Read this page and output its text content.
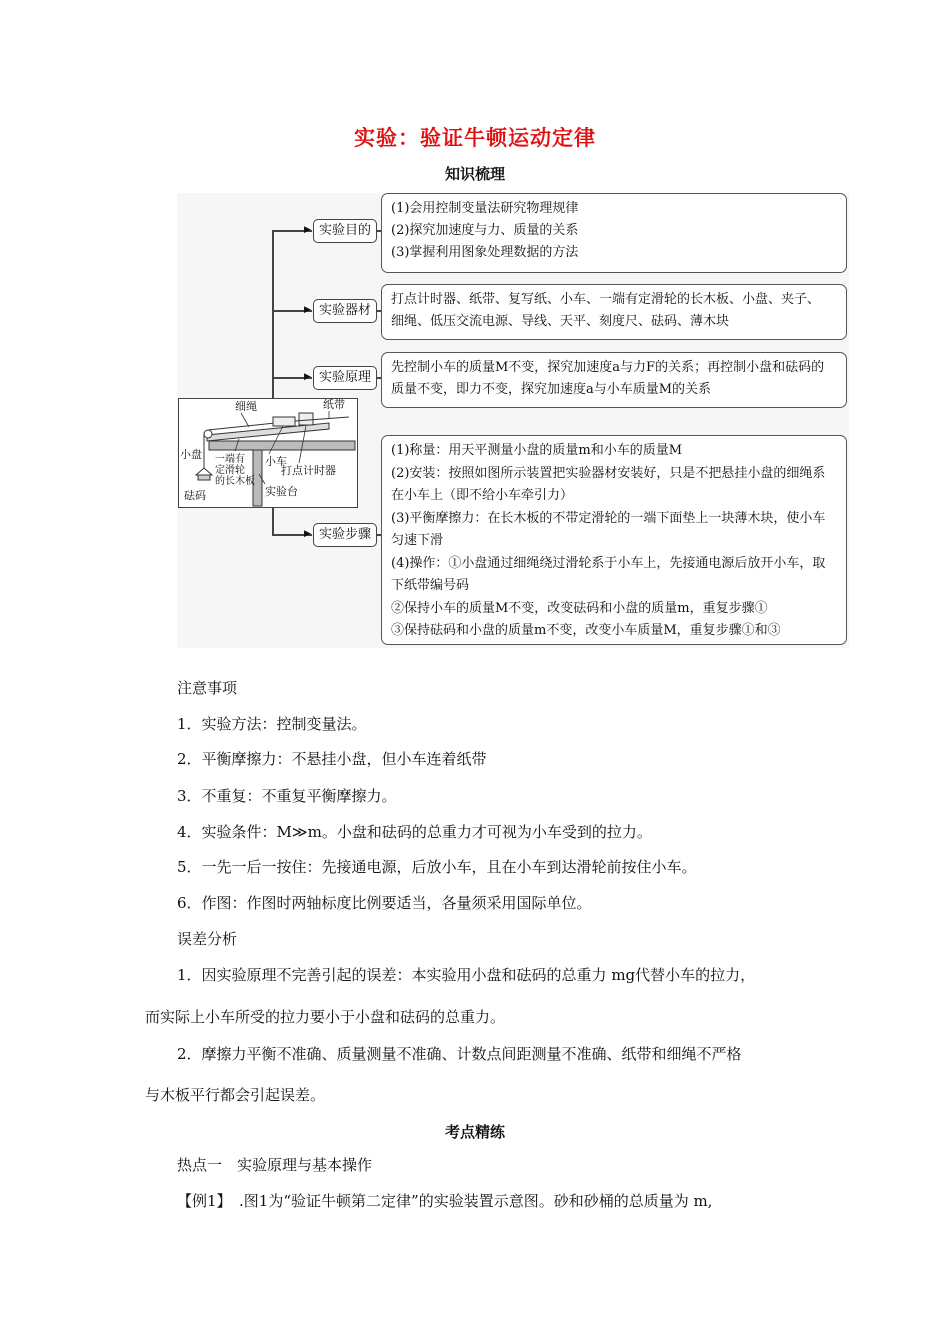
实验：验证牛顿运动定律
知识梳理
▶
▶
▶
▶
实验目的
实验器材
实验原理
实验步骤
(1)会用控制变量法研究物理规律
(2)探究加速度与力、质量的关系
(3)掌握利用图象处理数据的方法
打点计时器、纸带、复写纸、小车、一端有定滑轮的长木板、小盘、夹子、
细绳、低压交流电源、导线、天平、刻度尺、砝码、薄木块
先控制小车的质量M不变，探究加速度a与力F的关系；再控制小盘和砝码的
质量不变，即力不变，探究加速度a与小车质量M的关系
(1)称量：用天平测量小盘的质量m和小车的质量M
(2)安装：按照如图所示装置把实验器材安装好，只是不把悬挂小盘的细绳系
在小车上（即不给小车牵引力）
(3)平衡摩擦力：在长木板的不带定滑轮的一端下面垫上一块薄木块，使小车
匀速下滑
(4)操作：①小盘通过细绳绕过滑轮系于小车上，先接通电源后放开小车，取
下纸带编号码
②保持小车的质量M不变，改变砝码和小盘的质量m，重复步骤①
③保持砝码和小盘的质量m不变，改变小车质量M，重复步骤①和③
细绳	纸带
小盘 一端有
定滑轮
的长木板
小车
打点计时器
砝码	实验台
注意事项
1．实验方法：控制变量法。
2．平衡摩擦力：不悬挂小盘，但小车连着纸带
3．不重复：不重复平衡摩擦力。
4．实验条件：M≫m。小盘和砝码的总重力才可视为小车受到的拉力。
5．一先一后一按住：先接通电源，后放小车，且在小车到达滑轮前按住小车。
6．作图：作图时两轴标度比例要适当，各量须采用国际单位。
误差分析
1．因实验原理不完善引起的误差：本实验用小盘和砝码的总重力 mg代替小车的拉力，
而实际上小车所受的拉力要小于小盘和砝码的总重力。
2．摩擦力平衡不准确、质量测量不准确、计数点间距测量不准确、纸带和细绳不严格
与木板平行都会引起误差。
考点精练
热点一　实验原理与基本操作
【例1】　.图1为“验证牛顿第二定律”的实验装置示意图。砂和砂桶的总质量为 m,
